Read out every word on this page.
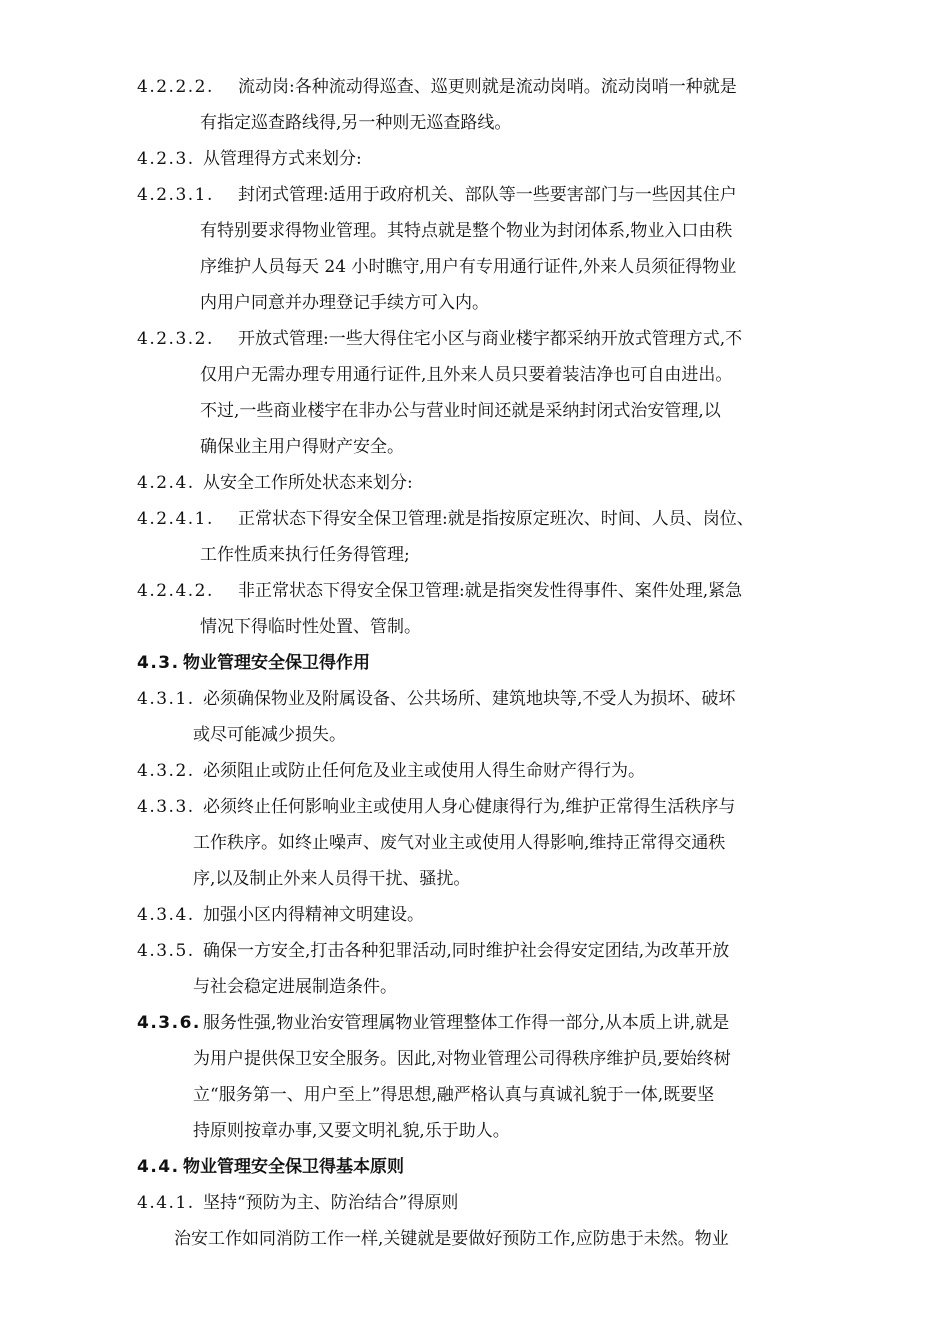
4.2.2.2. 流动岗:各种流动得巡查、巡更则就是流动岗哨。流动岗哨一种就是
有指定巡查路线得,另一种则无巡查路线。
4.2.3. 从管理得方式来划分:
4.2.3.1. 封闭式管理:适用于政府机关、部队等一些要害部门与一些因其住户
有特别要求得物业管理。其特点就是整个物业为封闭体系,物业入口由秩
序维护人员每天 24 小时瞧守,用户有专用通行证件,外来人员须征得物业
内用户同意并办理登记手续方可入内。
4.2.3.2. 开放式管理:一些大得住宅小区与商业楼宇都采纳开放式管理方式,不
仅用户无需办理专用通行证件,且外来人员只要着装洁净也可自由进出。
不过,一些商业楼宇在非办公与营业时间还就是采纳封闭式治安管理,以
确保业主用户得财产安全。
4.2.4. 从安全工作所处状态来划分:
4.2.4.1. 正常状态下得安全保卫管理:就是指按原定班次、时间、人员、岗位、
工作性质来执行任务得管理;
4.2.4.2. 非正常状态下得安全保卫管理:就是指突发性得事件、案件处理,紧急
情况下得临时性处置、管制。
4.3. 物业管理安全保卫得作用
4.3.1. 必须确保物业及附属设备、公共场所、建筑地块等,不受人为损坏、破坏
或尽可能减少损失。
4.3.2. 必须阻止或防止任何危及业主或使用人得生命财产得行为。
4.3.3. 必须终止任何影响业主或使用人身心健康得行为,维护正常得生活秩序与
工作秩序。如终止噪声、废气对业主或使用人得影响,维持正常得交通秩
序,以及制止外来人员得干扰、骚扰。
4.3.4. 加强小区内得精神文明建设。
4.3.5. 确保一方安全,打击各种犯罪活动,同时维护社会得安定团结,为改革开放
与社会稳定进展制造条件。
4.3.6. 服务性强,物业治安管理属物业管理整体工作得一部分,从本质上讲,就是
为用户提供保卫安全服务。因此,对物业管理公司得秩序维护员,要始终树
立“服务第一、用户至上”得思想,融严格认真与真诚礼貌于一体,既要坚
持原则按章办事,又要文明礼貌,乐于助人。
4.4. 物业管理安全保卫得基本原则
4.4.1. 坚持“预防为主、防治结合”得原则
治安工作如同消防工作一样,关键就是要做好预防工作,应防患于未然。物业
